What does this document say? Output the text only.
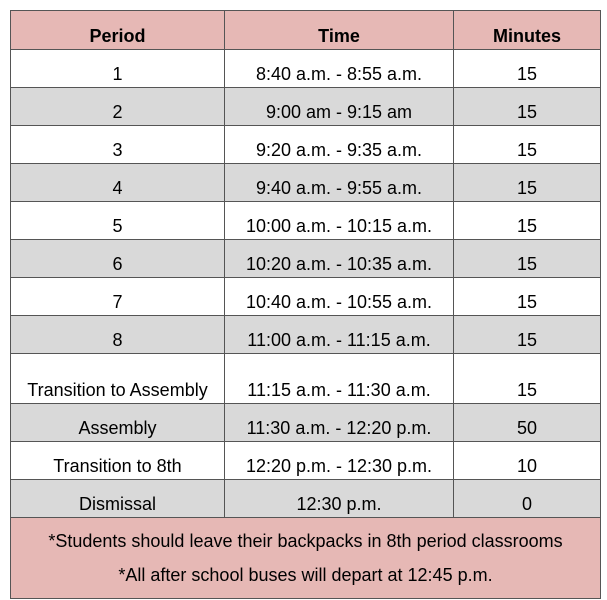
Period	Time	Minutes
1	8:40 a.m. - 8:55 a.m.	15
2	9:00 am - 9:15 am	15
3	9:20 a.m. - 9:35 a.m.	15
4	9:40 a.m. - 9:55 a.m.	15
5	10:00 a.m. - 10:15 a.m.	15
6	10:20 a.m. - 10:35 a.m.	15
7	10:40 a.m. - 10:55 a.m.	15
8	11:00 a.m. - 11:15 a.m.	15
Transition to Assembly	11:15 a.m. - 11:30 a.m.	15
Assembly	11:30 a.m. - 12:20 p.m.	50
Transition to 8th	12:20 p.m. - 12:30 p.m.	10
Dismissal	12:30 p.m.	0

*Students should leave their backpacks in 8th period classrooms
*All after school buses will depart at 12:45 p.m.		
